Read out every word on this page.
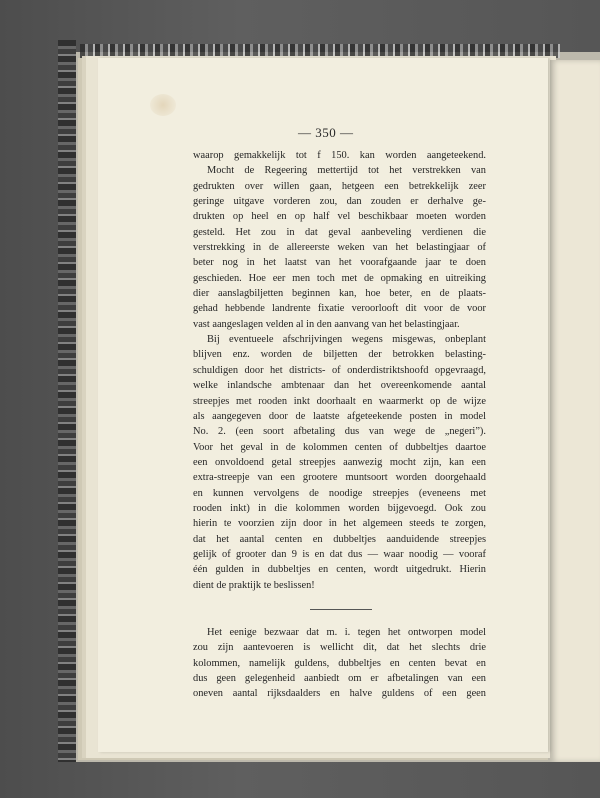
— 350 —
waarop gemakkelijk tot f 150. kan worden aangeteekend.
Mocht de Regeering mettertijd tot het verstrekken van
gedrukten over willen gaan, hetgeen een betrekkelijk zeer
geringe uitgave vorderen zou, dan zouden er derhalve ge-
drukten op heel en op half vel beschikbaar moeten worden
gesteld. Het zou in dat geval aanbeveling verdienen die
verstrekking in de allereerste weken van het belastingjaar of
beter nog in het laatst van het voorafgaande jaar te doen
geschieden. Hoe eer men toch met de opmaking en uitreiking
dier aanslagbiljetten beginnen kan, hoe beter, en de plaats-
gehad hebbende landrente fixatie veroorlooft dit voor de voor
vast aangeslagen velden al in den aanvang van het belastingjaar.
Bij eventueele afschrijvingen wegens misgewas, onbeplant
blijven enz. worden de biljetten der betrokken belasting-
schuldigen door het districts- of onderdistriktshoofd opgevraagd,
welke inlandsche ambtenaar dan het overeenkomende aantal
streepjes met rooden inkt doorhaalt en waarmerkt op de wijze
als aangegeven door de laatste afgeteekende posten in model
No. 2. (een soort afbetaling dus van wege de „negeri”).
Voor het geval in de kolommen centen of dubbeltjes daartoe
een onvoldoend getal streepjes aanwezig mocht zijn, kan een
extra-streepje van een grootere muntsoort worden doorgehaald
en kunnen vervolgens de noodige streepjes (eveneens met
rooden inkt) in die kolommen worden bijgevoegd. Ook zou
hierin te voorzien zijn door in het algemeen steeds te zorgen,
dat het aantal centen en dubbeltjes aanduidende streepjes
gelijk of grooter dan 9 is en dat dus — waar noodig — vooraf
één gulden in dubbeltjes en centen, wordt uitgedrukt. Hierin
dient de praktijk te beslissen!
Het eenige bezwaar dat m. i. tegen het ontworpen model
zou zijn aantevoeren is wellicht dit, dat het slechts drie
kolommen, namelijk guldens, dubbeltjes en centen bevat en
dus geen gelegenheid aanbiedt om er afbetalingen van een
oneven aantal rijksdaalders en halve guldens of een geen
